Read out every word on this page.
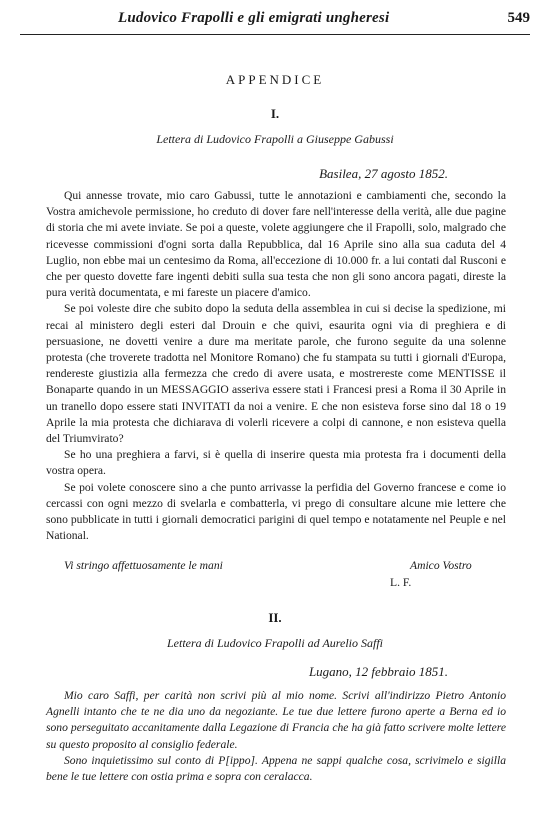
Ludovico Frapolli e gli emigrati ungheresi	549
APPENDICE
I.
Lettera di Ludovico Frapolli a Giuseppe Gabussi
Basilea, 27 agosto 1852.

Qui annesse trovate, mio caro Gabussi, tutte le annotazioni e cambiamenti che, secondo la Vostra amichevole permissione, ho creduto di dover fare nell'interesse della verità, alle due pagine di storia che mi avete inviate. Se poi a queste, volete aggiungere che il Frapolli, solo, malgrado che ricevesse commissioni d'ogni sorta dalla Repubblica, dal 16 Aprile sino alla sua caduta del 4 Luglio, non ebbe mai un centesimo da Roma, all'eccezione di 10.000 fr. a lui contati dal Rusconi e che per questo dovette fare ingenti debiti sulla sua testa che non gli sono ancora pagati, direste la pura verità documentata, e mi fareste un piacere d'amico.

Se poi voleste dire che subito dopo la seduta della assemblea in cui si decise la spedizione, mi recai al ministero degli esteri dal Drouin e che quivi, esaurita ogni via di preghiera e di persuasione, ne dovetti venire a dure ma meritate parole, che furono seguite da una solenne protesta (che troverete tradotta nel Monitore Romano) che fu stampata su tutti i giornali d'Europa, rendereste giustizia alla fermezza che credo di avere usata, e mostrereste come MENTISSE il Bonaparte quando in un MESSAGGIO asseriva essere stati i Francesi presi a Roma il 30 Aprile in un tranello dopo essere stati INVITATI da noi a venire. E che non esisteva forse sino dal 18 o 19 Aprile la mia protesta che dichiarava di volerli ricevere a colpi di cannone, e non esisteva quella del Triumvirato?

Se ho una preghiera a farvi, si è quella di inserire questa mia protesta fra i documenti della vostra opera.

Se poi volete conoscere sino a che punto arrivasse la perfidia del Governo francese e come io cercassi con ogni mezzo di svelarla e combatterla, vi prego di consultare alcune mie lettere che sono pubblicate in tutti i giornali democratici parigini di quel tempo e notatamente nel Peuple e nel National.

Vi stringo affettuosamente le mani	Amico Vostro
L. F.
II.
Lettera di Ludovico Frapolli ad Aurelio Saffi
Lugano, 12 febbraio 1851.

Mio caro Saffi, per carità non scrivi più al mio nome. Scrivi all'indirizzo Pietro Antonio Agnelli intanto che te ne dia uno da negoziante. Le tue due lettere furono aperte a Berna ed io sono perseguitato accanitamente dalla Legazione di Francia che ha già fatto scrivere molte lettere su questo proposito al consiglio federale.

Sono inquietissimo sul conto di P[ippo]. Appena ne sappi qualche cosa, scrivimelo e sigilla bene le tue lettere con ostia prima e sopra con ceralacca.
